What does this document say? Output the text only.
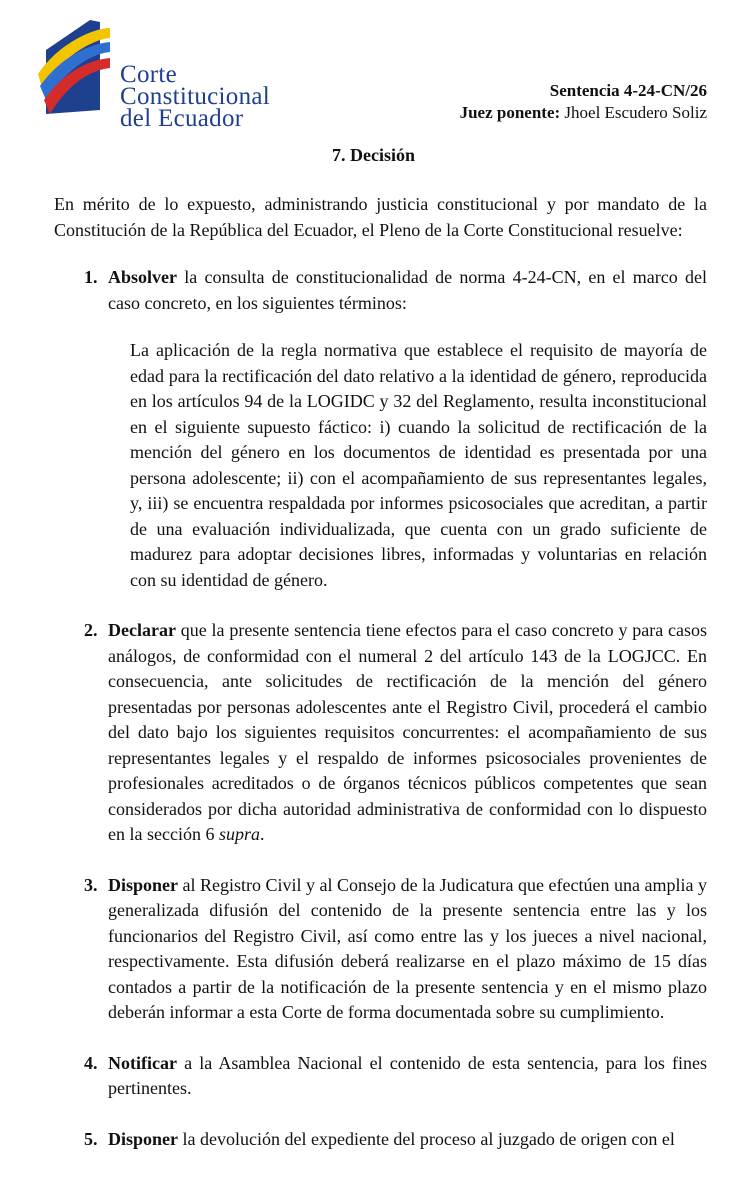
Corte
Constitucional
del Ecuador
Sentencia 4-24-CN/26
Juez ponente: Jhoel Escudero Soliz
7. Decisión

En mérito de lo expuesto, administrando justicia constitucional y por mandato de la Constitución de la República del Ecuador, el Pleno de la Corte Constitucional resuelve:

1. Absolver la consulta de constitucionalidad de norma 4-24-CN, en el marco del caso concreto, en los siguientes términos:
La aplicación de la regla normativa que establece el requisito de mayoría de edad para la rectificación del dato relativo a la identidad de género, reproducida en los artículos 94 de la LOGIDC y 32 del Reglamento, resulta inconstitucional en el siguiente supuesto fáctico: i) cuando la solicitud de rectificación de la mención del género en los documentos de identidad es presentada por una persona adolescente; ii) con el acompañamiento de sus representantes legales, y, iii) se encuentra respaldada por informes psicosociales que acreditan, a partir de una evaluación individualizada, que cuenta con un grado suficiente de madurez para adoptar decisiones libres, informadas y voluntarias en relación con su identidad de género.
2. Declarar que la presente sentencia tiene efectos para el caso concreto y para casos análogos, de conformidad con el numeral 2 del artículo 143 de la LOGJCC. En consecuencia, ante solicitudes de rectificación de la mención del género presentadas por personas adolescentes ante el Registro Civil, procederá el cambio del dato bajo los siguientes requisitos concurrentes: el acompañamiento de sus representantes legales y el respaldo de informes psicosociales provenientes de profesionales acreditados o de órganos técnicos públicos competentes que sean considerados por dicha autoridad administrativa de conformidad con lo dispuesto en la sección 6 supra.
3. Disponer al Registro Civil y al Consejo de la Judicatura que efectúen una amplia y generalizada difusión del contenido de la presente sentencia entre las y los funcionarios del Registro Civil, así como entre las y los jueces a nivel nacional, respectivamente. Esta difusión deberá realizarse en el plazo máximo de 15 días contados a partir de la notificación de la presente sentencia y en el mismo plazo deberán informar a esta Corte de forma documentada sobre su cumplimiento.
4. Notificar a la Asamblea Nacional el contenido de esta sentencia, para los fines pertinentes.
5. Disponer la devolución del expediente del proceso al juzgado de origen con el
